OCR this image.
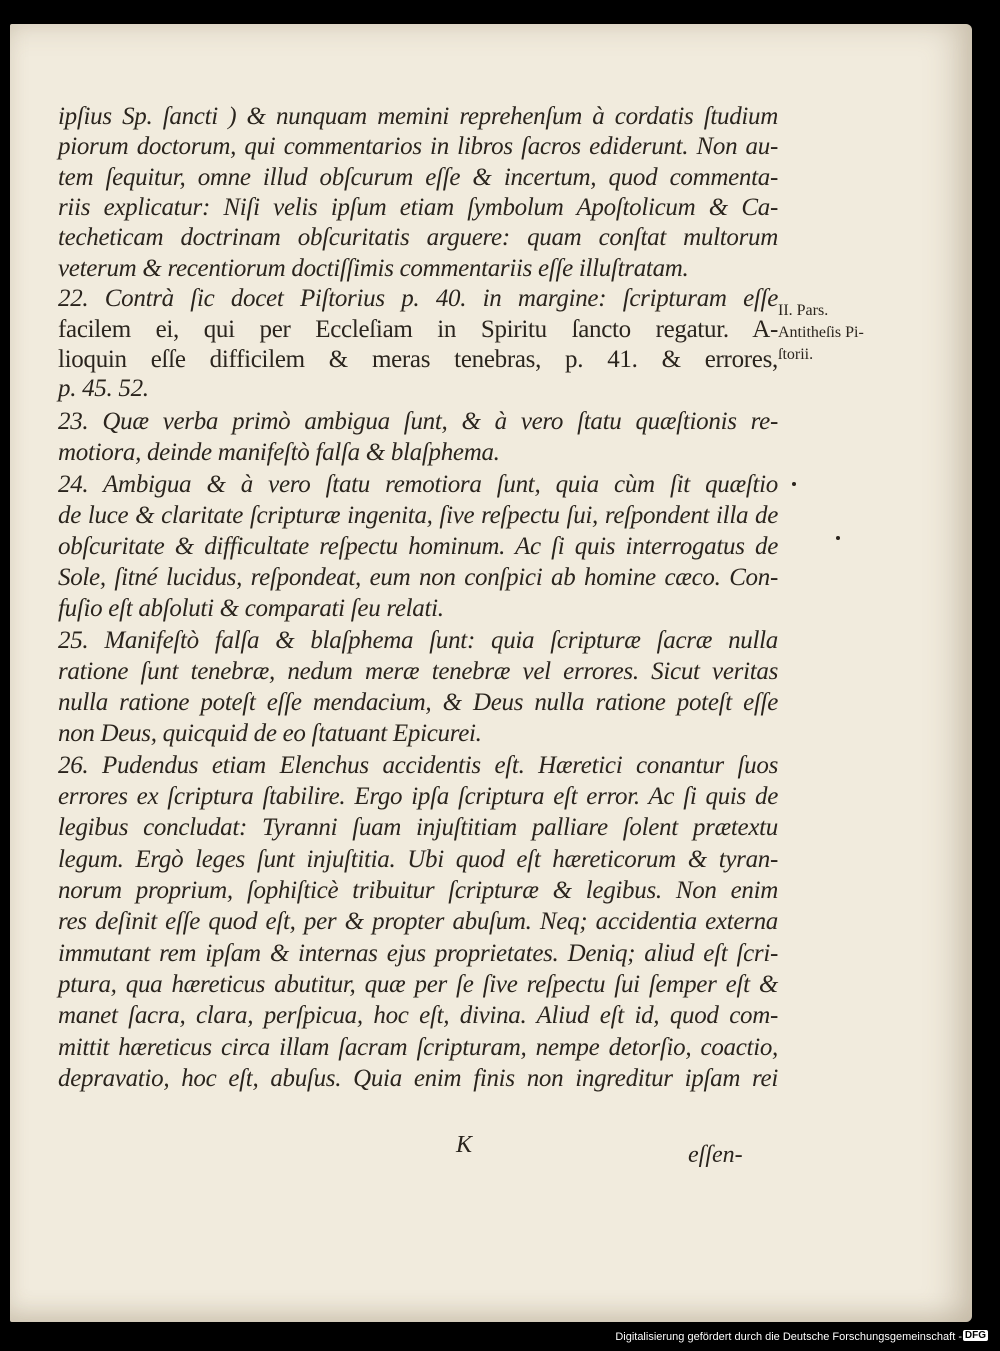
ipſius Sp. ſancti ) & nunquam memini reprehenſum à cordatis ſtudium
piorum doctorum, qui commentarios in libros ſacros ediderunt. Non au-
tem ſequitur, omne illud obſcurum eſſe & incertum, quod commenta-
riis explicatur: Niſi velis ipſum etiam ſymbolum Apoſtolicum & Ca-
techeticam doctrinam obſcuritatis arguere: quam conſtat multorum
veterum & recentiorum doctiſſimis commentariis eſſe illuſtratam.
22. Contrà ſic docet Piſtorius p. 40. in margine: ſcripturam eſſe
facilem ei, qui per Eccleſiam in Spiritu ſancto regatur. A-
lioquin eſſe difficilem & meras tenebras, p. 41. & errores,
p. 45. 52.
23. Quæ verba primò ambigua ſunt, & à vero ſtatu quæſtionis re-
motiora, deinde manifeſtò falſa & blaſphema.
24. Ambigua & à vero ſtatu remotiora ſunt, quia cùm ſit quæſtio
de luce & claritate ſcripturæ ingenita, ſive reſpectu ſui, reſpondent illa de
obſcuritate & difficultate reſpectu hominum. Ac ſi quis interrogatus de
Sole, ſitné lucidus, reſpondeat, eum non conſpici ab homine cæco. Con-
fuſio eſt abſoluti & comparati ſeu relati.
25. Manifeſtò falſa & blaſphema ſunt: quia ſcripturæ ſacræ nulla
ratione ſunt tenebræ, nedum meræ tenebræ vel errores. Sicut veritas
nulla ratione poteſt eſſe mendacium, & Deus nulla ratione poteſt eſſe
non Deus, quicquid de eo ſtatuant Epicurei.
26. Pudendus etiam Elenchus accidentis eſt. Hæretici conantur ſuos
errores ex ſcriptura ſtabilire. Ergo ipſa ſcriptura eſt error. Ac ſi quis de
legibus concludat: Tyranni ſuam injuſtitiam palliare ſolent prætextu
legum. Ergò leges ſunt injuſtitia. Ubi quod eſt hæreticorum & tyran-
norum proprium, ſophiſticè tribuitur ſcripturæ & legibus. Non enim
res deſinit eſſe quod eſt, per & propter abuſum. Neq; accidentia externa
immutant rem ipſam & internas ejus proprietates. Deniq; aliud eſt ſcri-
ptura, qua hæreticus abutitur, quæ per ſe ſive reſpectu ſui ſemper eſt &
manet ſacra, clara, perſpicua, hoc eſt, divina. Aliud eſt id, quod com-
mittit hæreticus circa illam ſacram ſcripturam, nempe detorſio, coactio,
depravatio, hoc eſt, abuſus. Quia enim finis non ingreditur ipſam rei
II. Pars.
Antitheſis Pi-
ſtorii.
K	eſſen-
Digitalisierung gefördert durch die Deutsche Forschungsgemeinschaft - DFG
